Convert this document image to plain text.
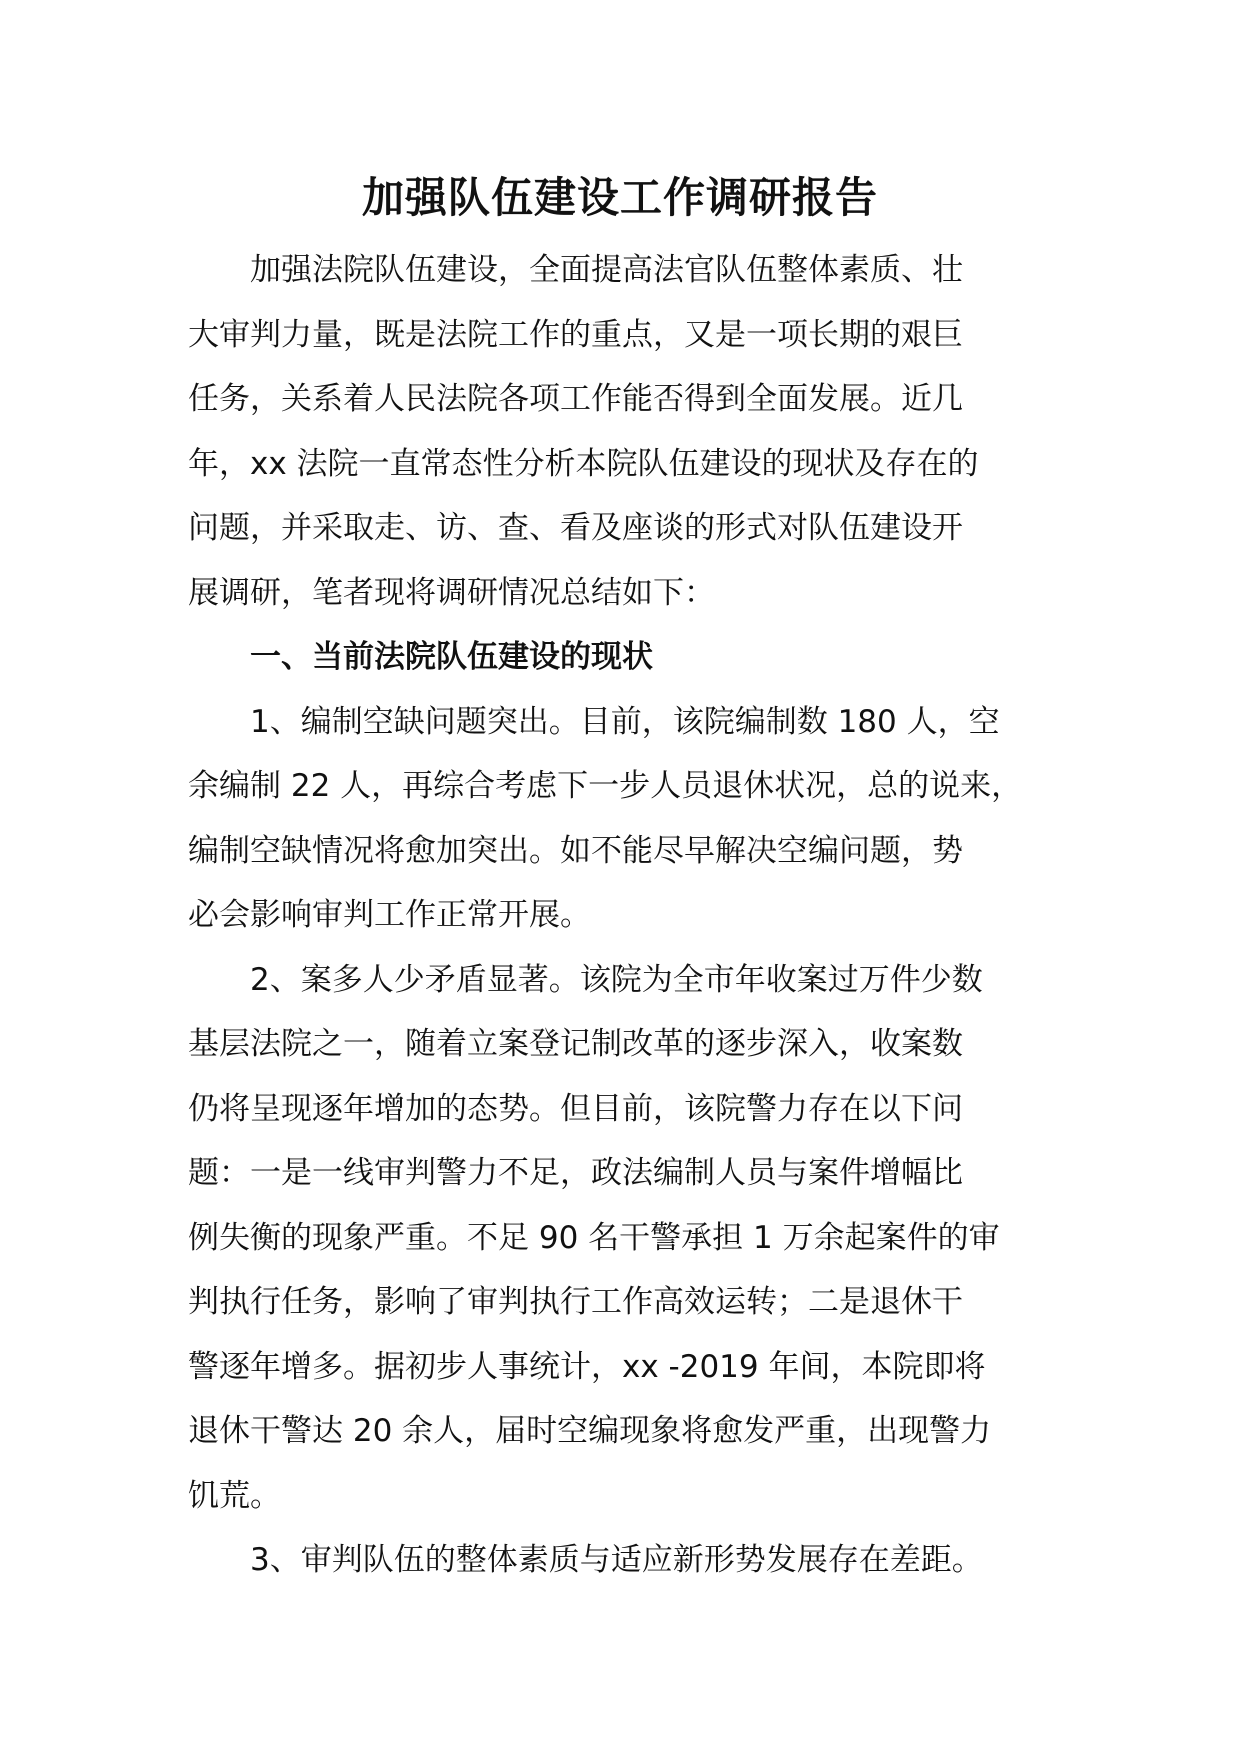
加强队伍建设工作调研报告

加强法院队伍建设，全面提高法官队伍整体素质、壮
大审判力量，既是法院工作的重点，又是一项长期的艰巨
任务，关系着人民法院各项工作能否得到全面发展。近几
年，xx 法院一直常态性分析本院队伍建设的现状及存在的
问题，并采取走、访、查、看及座谈的形式对队伍建设开
展调研，笔者现将调研情况总结如下：

一、当前法院队伍建设的现状

1、编制空缺问题突出。目前，该院编制数 180 人，空
余编制 22 人，再综合考虑下一步人员退休状况，总的说来，
编制空缺情况将愈加突出。如不能尽早解决空编问题，势
必会影响审判工作正常开展。

2、案多人少矛盾显著。该院为全市年收案过万件少数
基层法院之一，随着立案登记制改革的逐步深入，收案数
仍将呈现逐年增加的态势。但目前，该院警力存在以下问
题：一是一线审判警力不足，政法编制人员与案件增幅比
例失衡的现象严重。不足 90 名干警承担 1 万余起案件的审
判执行任务，影响了审判执行工作高效运转；二是退休干
警逐年增多。据初步人事统计，xx -2019 年间，本院即将
退休干警达 20 余人，届时空编现象将愈发严重，出现警力
饥荒。

3、审判队伍的整体素质与适应新形势发展存在差距。
